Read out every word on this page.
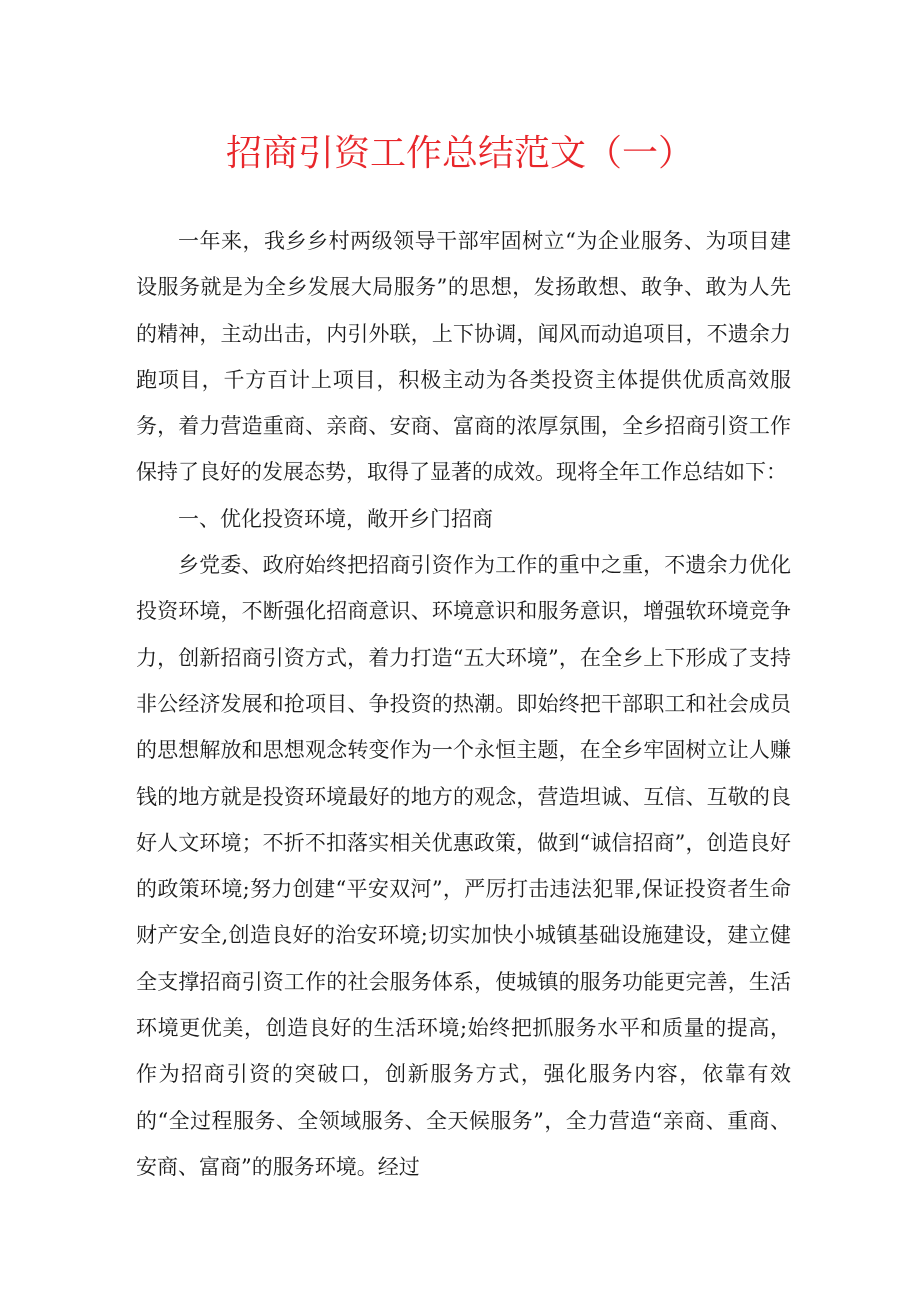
招商引资工作总结范文（一）

一年来，我乡乡村两级领导干部牢固树立“为企业服务、为项目建设服务就是为全乡发展大局服务”的思想，发扬敢想、敢争、敢为人先的精神，主动出击，内引外联，上下协调，闻风而动追项目，不遗余力跑项目，千方百计上项目，积极主动为各类投资主体提供优质高效服务，着力营造重商、亲商、安商、富商的浓厚氛围，全乡招商引资工作保持了良好的发展态势，取得了显著的成效。现将全年工作总结如下：

一、优化投资环境，敞开乡门招商

乡党委、政府始终把招商引资作为工作的重中之重，不遗余力优化投资环境，不断强化招商意识、环境意识和服务意识，增强软环境竞争力，创新招商引资方式，着力打造“五大环境”，在全乡上下形成了支持非公经济发展和抢项目、争投资的热潮。即始终把干部职工和社会成员的思想解放和思想观念转变作为一个永恒主题，在全乡牢固树立让人赚钱的地方就是投资环境最好的地方的观念，营造坦诚、互信、互敬的良好人文环境；不折不扣落实相关优惠政策，做到“诚信招商”，创造良好的政策环境;努力创建“平安双河”，严厉打击违法犯罪,保证投资者生命财产安全,创造良好的治安环境;切实加快小城镇基础设施建设，建立健全支撑招商引资工作的社会服务体系，使城镇的服务功能更完善，生活环境更优美，创造良好的生活环境;始终把抓服务水平和质量的提高，作为招商引资的突破口，创新服务方式，强化服务内容，依靠有效的“全过程服务、全领域服务、全天候服务”，全力营造“亲商、重商、安商、富商”的服务环境。经过
